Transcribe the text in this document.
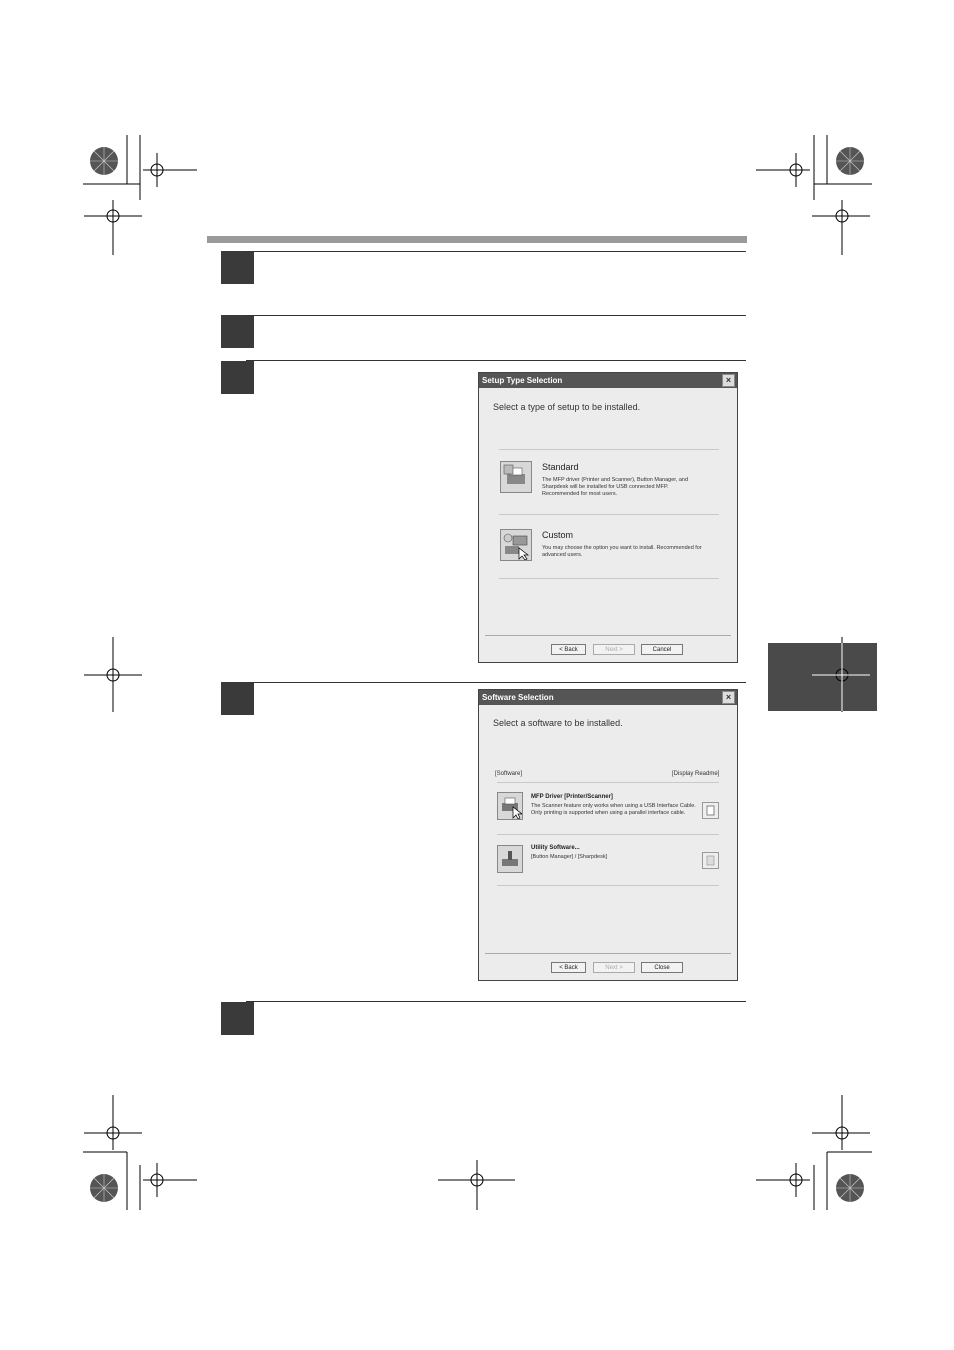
Setup Type Selection	×
Select a type of setup to be installed.
Standard
The MFP driver (Printer and Scanner), Button Manager, and Sharpdesk will be installed for USB connected MFP. Recommended for most users.
Custom
You may choose the option you want to install. Recommended for advanced users.
< Back	Next >	Cancel
Software Selection	×
Select a software to be installed.
[Software]	[Display Readme]
MFP Driver [Printer/Scanner]
The Scanner feature only works when using a USB Interface Cable. Only printing is supported when using a parallel interface cable.
Utility Software...
[Button Manager] / [Sharpdesk]
< Back	Next >	Close
